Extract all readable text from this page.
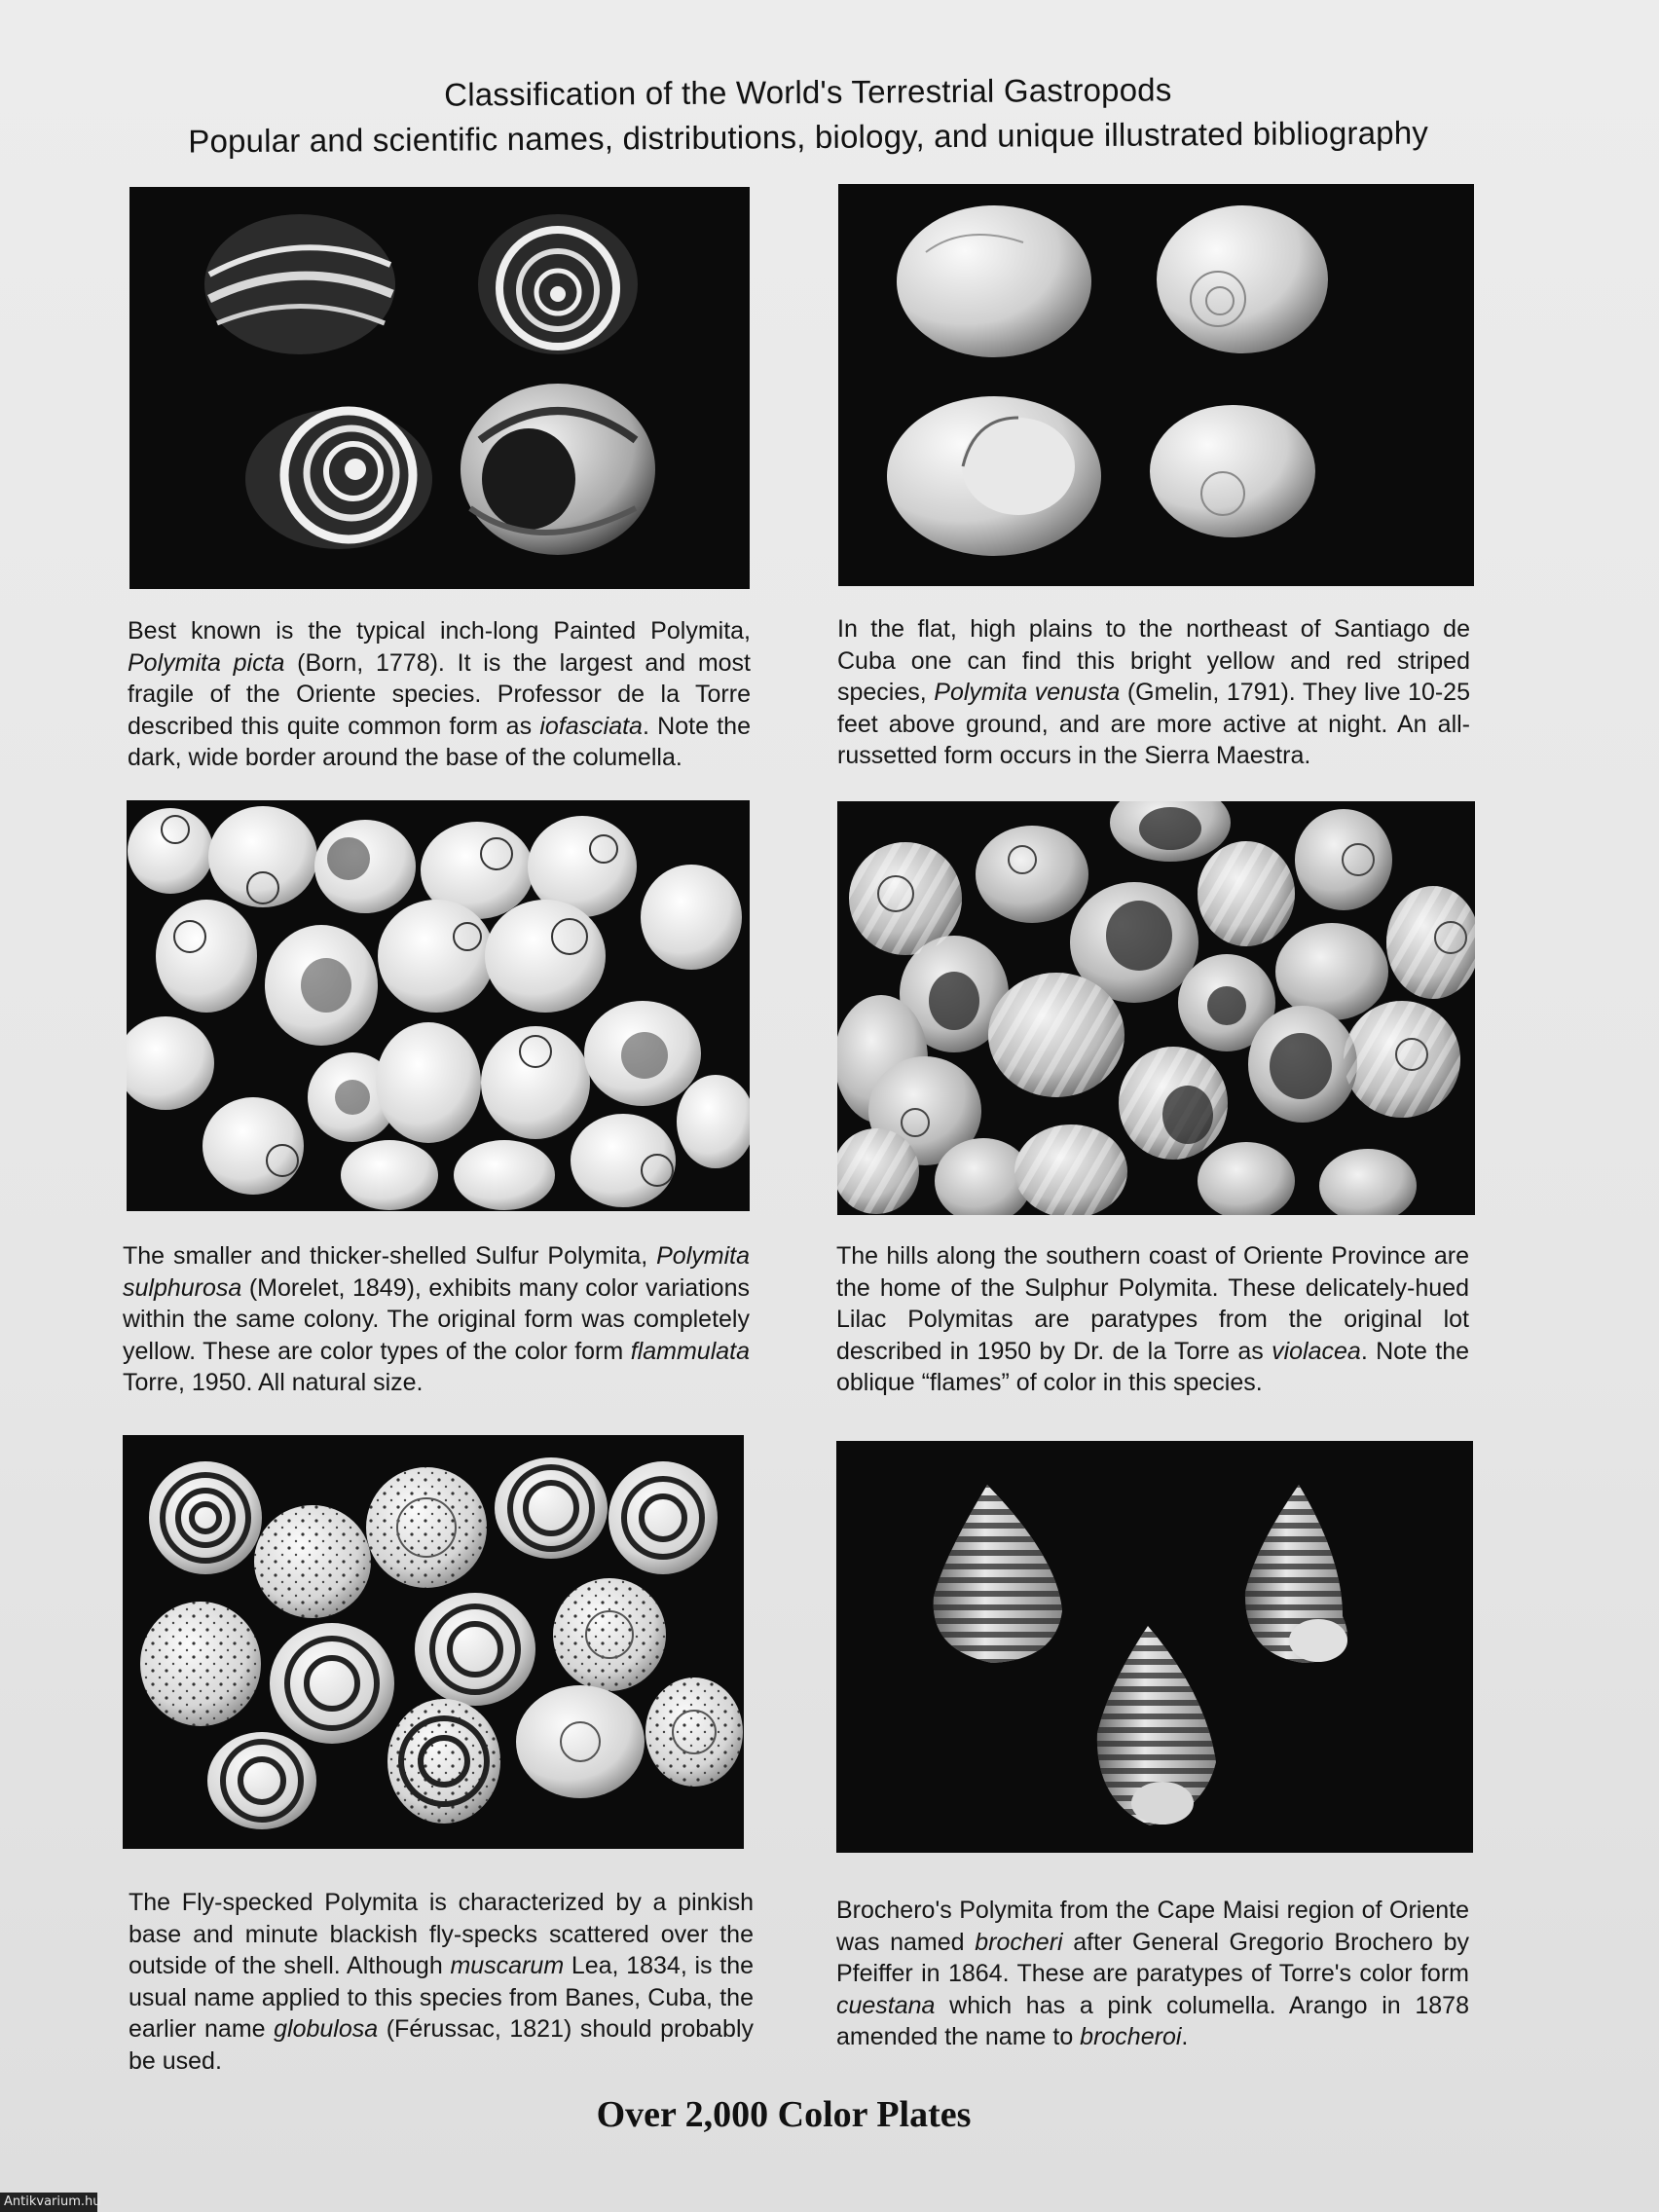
Classification of the World's Terrestrial Gastropods
Popular and scientific names, distributions, biology, and unique illustrated bibliography
Best known is the typical inch-long Painted Polymita, Polymita picta (Born, 1778). It is the largest and most fragile of the Oriente species. Professor de la Torre described this quite common form as iofasciata. Note the dark, wide border around the base of the columella.
In the flat, high plains to the northeast of Santiago de Cuba one can find this bright yellow and red striped species, Polymita venusta (Gmelin, 1791). They live 10-25 feet above ground, and are more active at night. An all-russetted form occurs in the Sierra Maestra.
The smaller and thicker-shelled Sulfur Polymita, Polymita sulphurosa (Morelet, 1849), exhibits many color variations within the same colony. The original form was completely yellow. These are color types of the color form flammulata Torre, 1950. All natural size.
The hills along the southern coast of Oriente Province are the home of the Sulphur Polymita. These delicately-hued Lilac Polymitas are paratypes from the original lot described in 1950 by Dr. de la Torre as violacea. Note the oblique “flames” of color in this species.
The Fly-specked Polymita is characterized by a pinkish base and minute blackish fly-specks scattered over the outside of the shell. Although muscarum Lea, 1834, is the usual name applied to this species from Banes, Cuba, the earlier name globulosa (Férussac, 1821) should probably be used.
Brochero's Polymita from the Cape Maisi region of Oriente was named brocheri after General Gregorio Brochero by Pfeiffer in 1864. These are paratypes of Torre's color form cuestana which has a pink columella. Arango in 1878 amended the name to brocheroi.
Over 2,000 Color Plates
Antikvarium.hu
